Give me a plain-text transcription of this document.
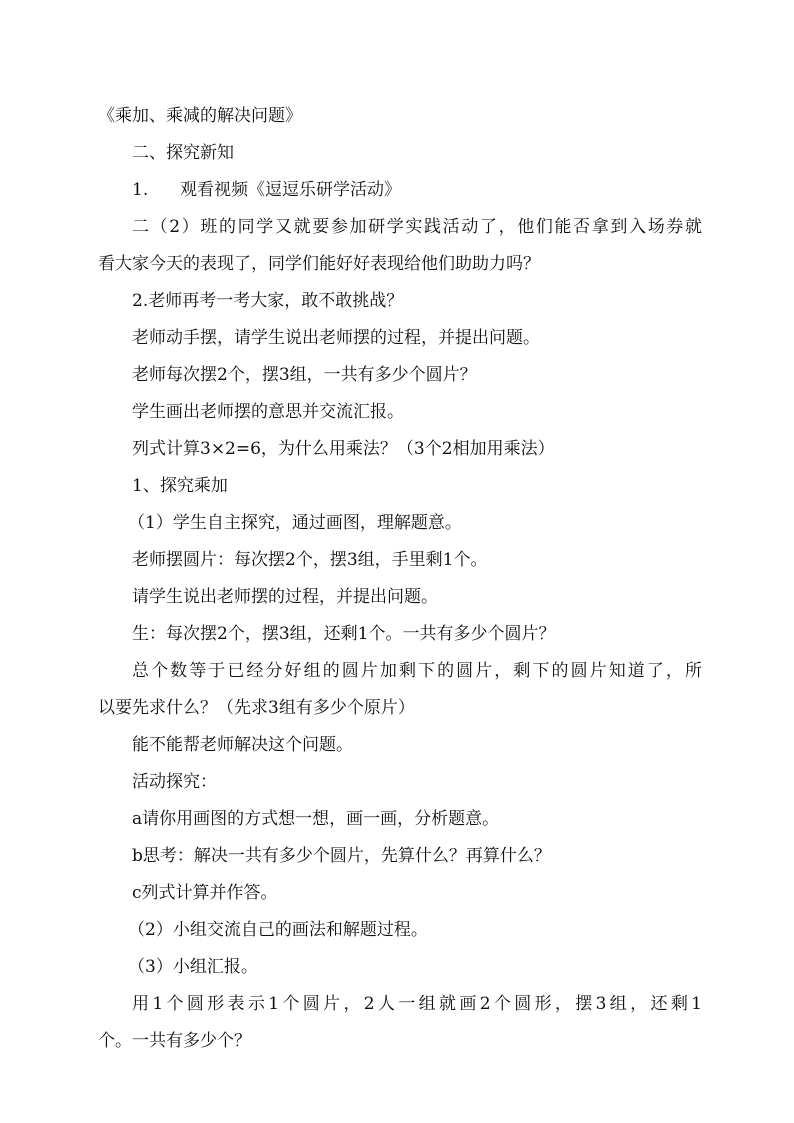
《乘加、乘减的解决问题》
二、探究新知
1. 观看视频《逗逗乐研学活动》
二（2）班的同学又就要参加研学实践活动了，他们能否拿到入场券就
看大家今天的表现了，同学们能好好表现给他们助助力吗？
2.老师再考一考大家，敢不敢挑战？
老师动手摆，请学生说出老师摆的过程，并提出问题。
老师每次摆2个，摆3组，一共有多少个圆片？
学生画出老师摆的意思并交流汇报。
列式计算3×2=6，为什么用乘法？（3个2相加用乘法）
1、探究乘加
（1）学生自主探究，通过画图，理解题意。
老师摆圆片：每次摆2个，摆3组，手里剩1个。
请学生说出老师摆的过程，并提出问题。
生：每次摆2个，摆3组，还剩1个。一共有多少个圆片？
总个数等于已经分好组的圆片加剩下的圆片，剩下的圆片知道了，所
以要先求什么？（先求3组有多少个原片）
能不能帮老师解决这个问题。
活动探究：
a请你用画图的方式想一想，画一画，分析题意。
b思考：解决一共有多少个圆片，先算什么？再算什么？
c列式计算并作答。
（2）小组交流自己的画法和解题过程。
（3）小组汇报。
用1个圆形表示1个圆片，2人一组就画2个圆形，摆3组，还剩1
个。一共有多少个？
